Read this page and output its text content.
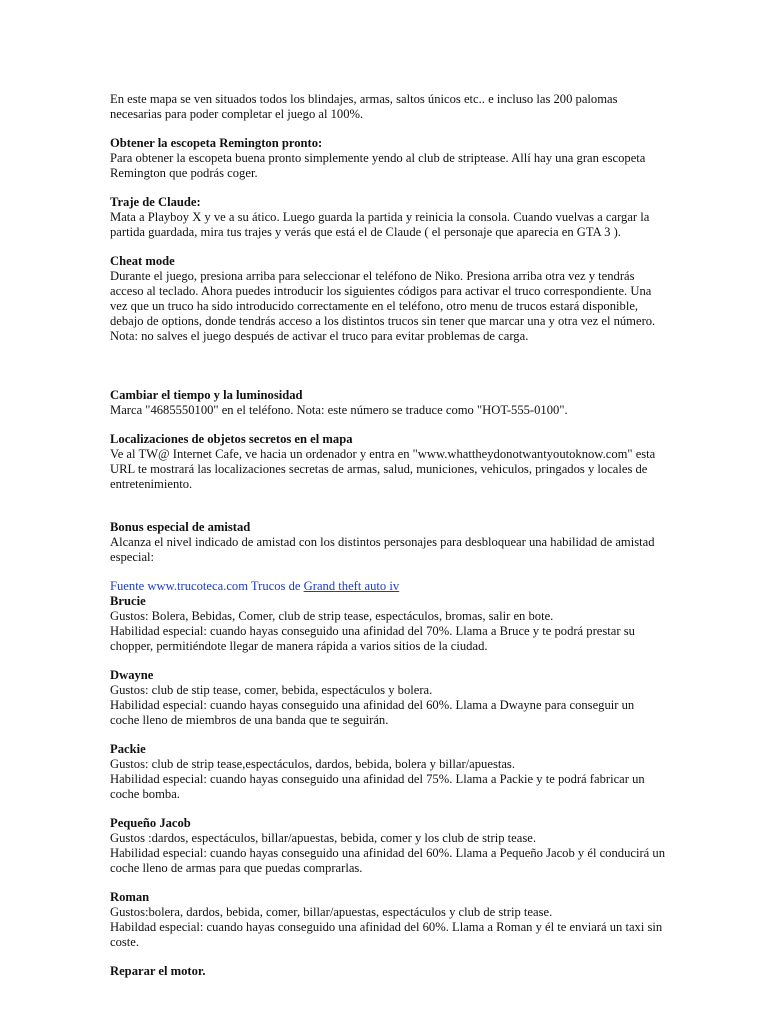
En este mapa se ven situados todos los blindajes, armas, saltos únicos etc.. e incluso las 200 palomas necesarias para poder completar el juego al 100%.

Obtener la escopeta Remington pronto:

Para obtener la escopeta buena pronto simplemente yendo al club de striptease. Allí hay una gran escopeta Remington que podrás coger.

Traje de Claude:

Mata a Playboy X y ve a su ático. Luego guarda la partida y reinicia la consola. Cuando vuelvas a cargar la partida guardada, mira tus trajes y verás que está el de Claude ( el personaje que aparecia en GTA 3 ).

Cheat mode

Durante el juego, presiona arriba para seleccionar el teléfono de Niko. Presiona arriba otra vez y tendrás acceso al teclado. Ahora puedes introducir los siguientes códigos para activar el truco correspondiente. Una vez que un truco ha sido introducido correctamente en el teléfono, otro menu de trucos estará disponible, debajo de options, donde tendrás acceso a los distintos trucos sin tener que marcar una y otra vez el número. Nota: no salves el juego después de activar el truco para evitar problemas de carga.

Cambiar el tiempo y la luminosidad

Marca "4685550100" en el teléfono. Nota: este número se traduce como "HOT-555-0100".

Localizaciones de objetos secretos en el mapa

Ve al TW@ Internet Cafe, ve hacia un ordenador y entra en "www.whattheydonotwantyoutoknow.com" esta URL te mostrará las localizaciones secretas de armas, salud, municiones, vehiculos, pringados y locales de entretenimiento.

Bonus especial de amistad

Alcanza el nivel indicado de amistad con los distintos personajes para desbloquear una habilidad de amistad especial:

Fuente www.trucoteca.com Trucos de Grand theft auto iv

Brucie

Gustos: Bolera, Bebidas, Comer, club de strip tease, espectáculos, bromas, salir en bote.

Habilidad especial: cuando hayas conseguido una afinidad del 70%. Llama a Bruce y te podrá prestar su chopper, permitiéndote llegar de manera rápida a varios sitios de la ciudad.

Dwayne

Gustos: club de stip tease, comer, bebida, espectáculos y bolera.

Habilidad especial: cuando hayas conseguido una afinidad del 60%. Llama a Dwayne para conseguir un coche lleno de miembros de una banda que te seguirán.

Packie

Gustos: club de strip tease,espectáculos, dardos, bebida, bolera y billar/apuestas.

Habilidad especial: cuando hayas conseguido una afinidad del 75%. Llama a Packie y te podrá fabricar un coche bomba.

Pequeño Jacob

Gustos :dardos, espectáculos, billar/apuestas, bebida, comer y los club de strip tease.

Habilidad especial: cuando hayas conseguido una afinidad del 60%. Llama a Pequeño Jacob y él conducirá un coche lleno de armas para que puedas comprarlas.

Roman

Gustos:bolera, dardos, bebida, comer, billar/apuestas, espectáculos y club de strip tease.

Habildad especial: cuando hayas conseguido una afinidad del 60%. Llama a Roman y él te enviará un taxi sin coste.

Reparar el motor.
